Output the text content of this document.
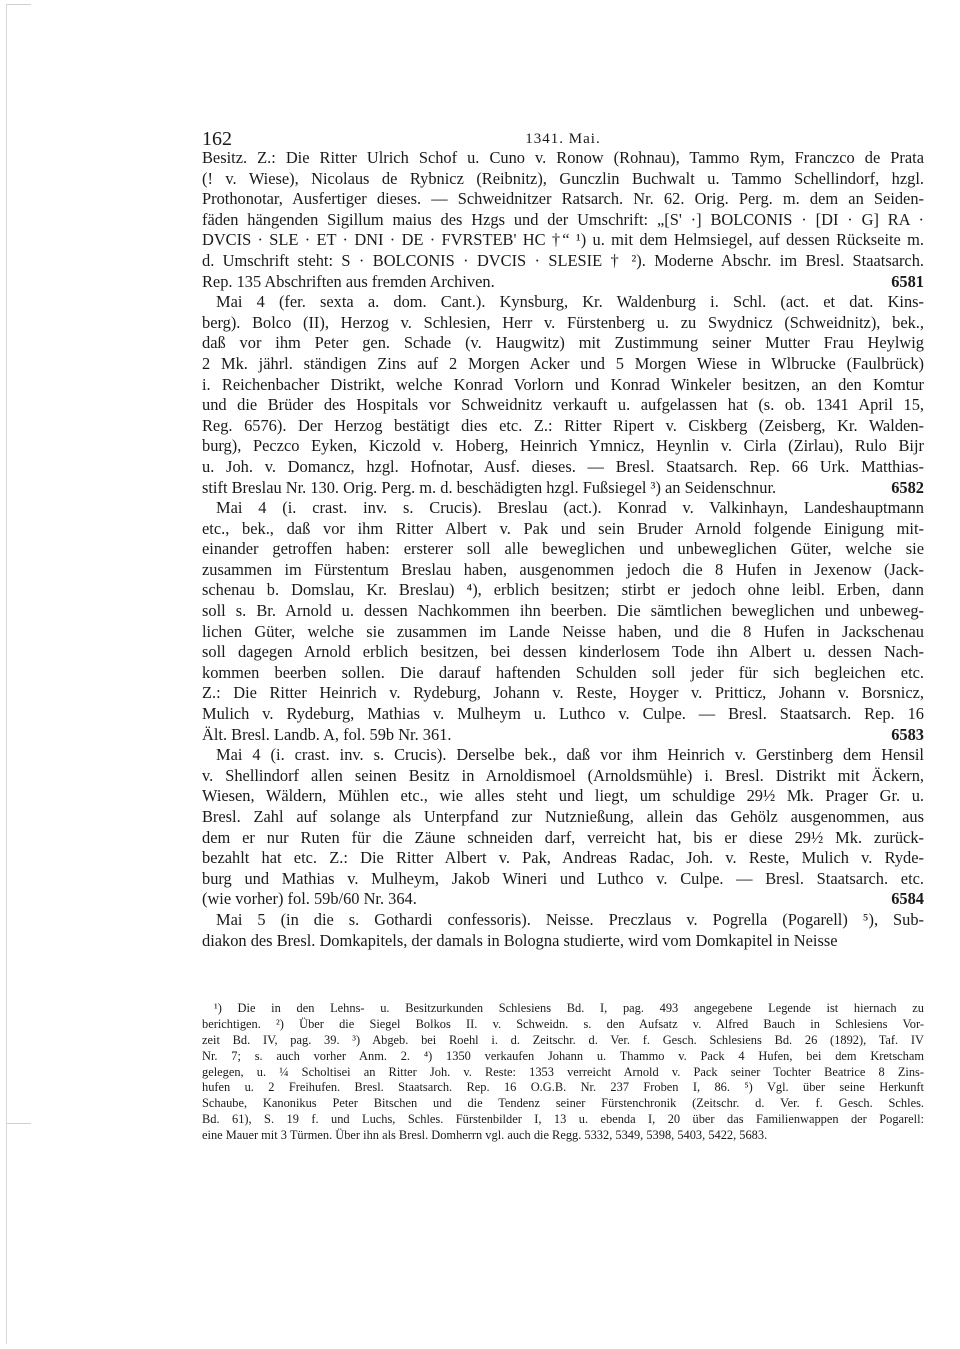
162	1341. Mai.
Besitz. Z.: Die Ritter Ulrich Schof u. Cuno v. Ronow (Rohnau), Tammo Rym, Franczco de Prata
(! v. Wiese), Nicolaus de Rybnicz (Reibnitz), Gunczlin Buchwalt u. Tammo Schellindorf, hzgl.
Prothonotar, Ausfertiger dieses. — Schweidnitzer Ratsarch. Nr. 62. Orig. Perg. m. dem an Seiden-
fäden hängenden Sigillum maius des Hzgs und der Umschrift: „[S' ·] BOLCONIS · [DI · G] RA ·
DVCIS · SLE · ET · DNI · DE · FVRSTEB' HC †“ ¹) u. mit dem Helmsiegel, auf dessen Rückseite m.
d. Umschrift steht: S · BOLCONIS · DVCIS · SLESIE † ²). Moderne Abschr. im Bresl. Staatsarch.
6581
Rep. 135 Abschriften aus fremden Archiven.
Mai 4 (fer. sexta a. dom. Cant.). Kynsburg, Kr. Waldenburg i. Schl. (act. et dat. Kins-
berg). Bolco (II), Herzog v. Schlesien, Herr v. Fürstenberg u. zu Swydnicz (Schweidnitz), bek.,
daß vor ihm Peter gen. Schade (v. Haugwitz) mit Zustimmung seiner Mutter Frau Heylwig
2 Mk. jährl. ständigen Zins auf 2 Morgen Acker und 5 Morgen Wiese in Wlbrucke (Faulbrück)
i. Reichenbacher Distrikt, welche Konrad Vorlorn und Konrad Winkeler besitzen, an den Komtur
und die Brüder des Hospitals vor Schweidnitz verkauft u. aufgelassen hat (s. ob. 1341 April 15,
Reg. 6576). Der Herzog bestätigt dies etc. Z.: Ritter Ripert v. Ciskberg (Zeisberg, Kr. Walden-
burg), Peczco Eyken, Kiczold v. Hoberg, Heinrich Ymnicz, Heynlin v. Cirla (Zirlau), Rulo Bijr
u. Joh. v. Domancz, hzgl. Hofnotar, Ausf. dieses. — Bresl. Staatsarch. Rep. 66 Urk. Matthias-
6582
stift Breslau Nr. 130. Orig. Perg. m. d. beschädigten hzgl. Fußsiegel ³) an Seidenschnur.
Mai 4 (i. crast. inv. s. Crucis). Breslau (act.). Konrad v. Valkinhayn, Landeshauptmann
etc., bek., daß vor ihm Ritter Albert v. Pak und sein Bruder Arnold folgende Einigung mit-
einander getroffen haben: ersterer soll alle beweglichen und unbeweglichen Güter, welche sie
zusammen im Fürstentum Breslau haben, ausgenommen jedoch die 8 Hufen in Jexenow (Jack-
schenau b. Domslau, Kr. Breslau) ⁴), erblich besitzen; stirbt er jedoch ohne leibl. Erben, dann
soll s. Br. Arnold u. dessen Nachkommen ihn beerben. Die sämtlichen beweglichen und unbeweg-
lichen Güter, welche sie zusammen im Lande Neisse haben, und die 8 Hufen in Jackschenau
soll dagegen Arnold erblich besitzen, bei dessen kinderlosem Tode ihn Albert u. dessen Nach-
kommen beerben sollen. Die darauf haftenden Schulden soll jeder für sich begleichen etc.
Z.: Die Ritter Heinrich v. Rydeburg, Johann v. Reste, Hoyger v. Pritticz, Johann v. Borsnicz,
Mulich v. Rydeburg, Mathias v. Mulheym u. Luthco v. Culpe. — Bresl. Staatsarch. Rep. 16
6583
Ält. Bresl. Landb. A, fol. 59b Nr. 361.
Mai 4 (i. crast. inv. s. Crucis). Derselbe bek., daß vor ihm Heinrich v. Gerstinberg dem Hensil
v. Shellindorf allen seinen Besitz in Arnoldismoel (Arnoldsmühle) i. Bresl. Distrikt mit Äckern,
Wiesen, Wäldern, Mühlen etc., wie alles steht und liegt, um schuldige 29½ Mk. Prager Gr. u.
Bresl. Zahl auf solange als Unterpfand zur Nutznießung, allein das Gehölz ausgenommen, aus
dem er nur Ruten für die Zäune schneiden darf, verreicht hat, bis er diese 29½ Mk. zurück-
bezahlt hat etc. Z.: Die Ritter Albert v. Pak, Andreas Radac, Joh. v. Reste, Mulich v. Ryde-
burg und Mathias v. Mulheym, Jakob Wineri und Luthco v. Culpe. — Bresl. Staatsarch. etc.
6584
(wie vorher) fol. 59b/60 Nr. 364.
Mai 5 (in die s. Gothardi confessoris). Neisse. Preczlaus v. Pogrella (Pogarell) ⁵), Sub-
diakon des Bresl. Domkapitels, der damals in Bologna studierte, wird vom Domkapitel in Neisse
¹) Die in den Lehns- u. Besitzurkunden Schlesiens Bd. I, pag. 493 angegebene Legende ist hiernach zu
berichtigen. ²) Über die Siegel Bolkos II. v. Schweidn. s. den Aufsatz v. Alfred Bauch in Schlesiens Vor-
zeit Bd. IV, pag. 39. ³) Abgeb. bei Roehl i. d. Zeitschr. d. Ver. f. Gesch. Schlesiens Bd. 26 (1892), Taf. IV
Nr. 7; s. auch vorher Anm. 2. ⁴) 1350 verkaufen Johann u. Thammo v. Pack 4 Hufen, bei dem Kretscham
gelegen, u. ¼ Scholtisei an Ritter Joh. v. Reste: 1353 verreicht Arnold v. Pack seiner Tochter Beatrice 8 Zins-
hufen u. 2 Freihufen. Bresl. Staatsarch. Rep. 16 O.G.B. Nr. 237 Froben I, 86. ⁵) Vgl. über seine Herkunft
Schaube, Kanonikus Peter Bitschen und die Tendenz seiner Fürstenchronik (Zeitschr. d. Ver. f. Gesch. Schles.
Bd. 61), S. 19 f. und Luchs, Schles. Fürstenbilder I, 13 u. ebenda I, 20 über das Familienwappen der Pogarell:
eine Mauer mit 3 Türmen. Über ihn als Bresl. Domherrn vgl. auch die Regg. 5332, 5349, 5398, 5403, 5422, 5683.
